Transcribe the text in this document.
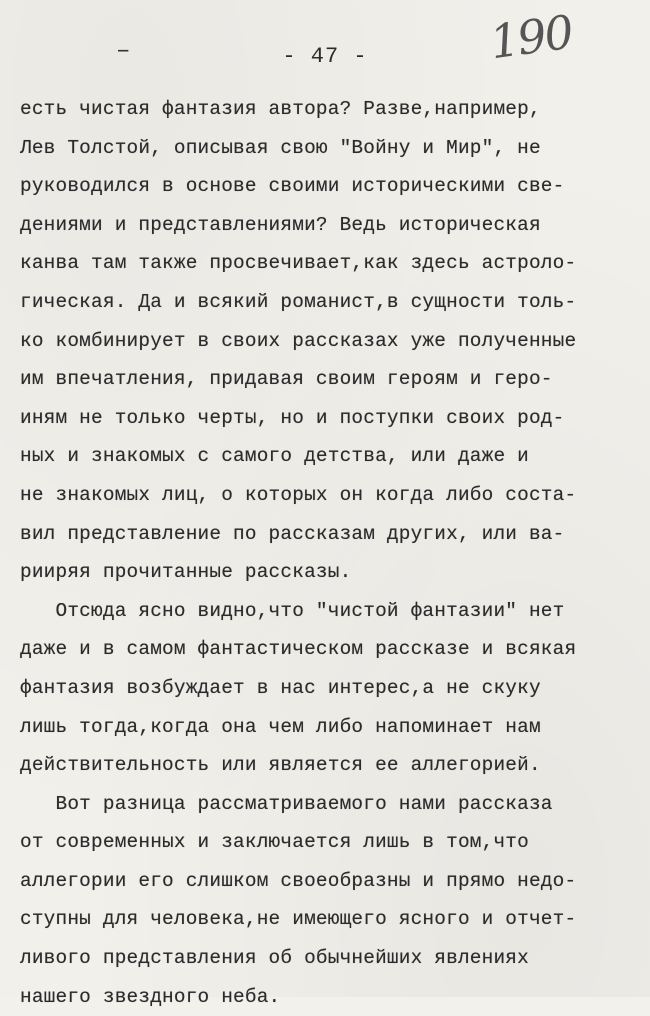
–	- 47 -	190
есть чистая фантазия автора? Разве,например,
Лев Толстой, описывая свою "Войну и Мир", не
руководился в основе своими историческими све-
дениями и представлениями? Ведь историческая
канва там также просвечивает,как здесь астроло-
гическая. Да и всякий романист,в сущности толь-
ко комбинирует в своих рассказах уже полученные
им впечатления, придавая своим героям и геро-
иням не только черты, но и поступки своих род-
ных и знакомых с самого детства, или даже и
не знакомых лиц, о которых он когда либо соста-
вил представление по рассказам других, или ва-
рииряя прочитанные рассказы.
Отсюда ясно видно,что "чистой фантазии" нет
даже и в самом фантастическом рассказе и всякая
фантазия возбуждает в нас интерес,а не скуку
лишь тогда,когда она чем либо напоминает нам
действительность или является ее аллегорией.
Вот разница рассматриваемого нами рассказа
от современных и заключается лишь в том,что
аллегории его слишком своеобразны и прямо недо-
ступны для человека,не имеющего ясного и отчет-
ливого представления об обычнейших явлениях
нашего звездного неба.
